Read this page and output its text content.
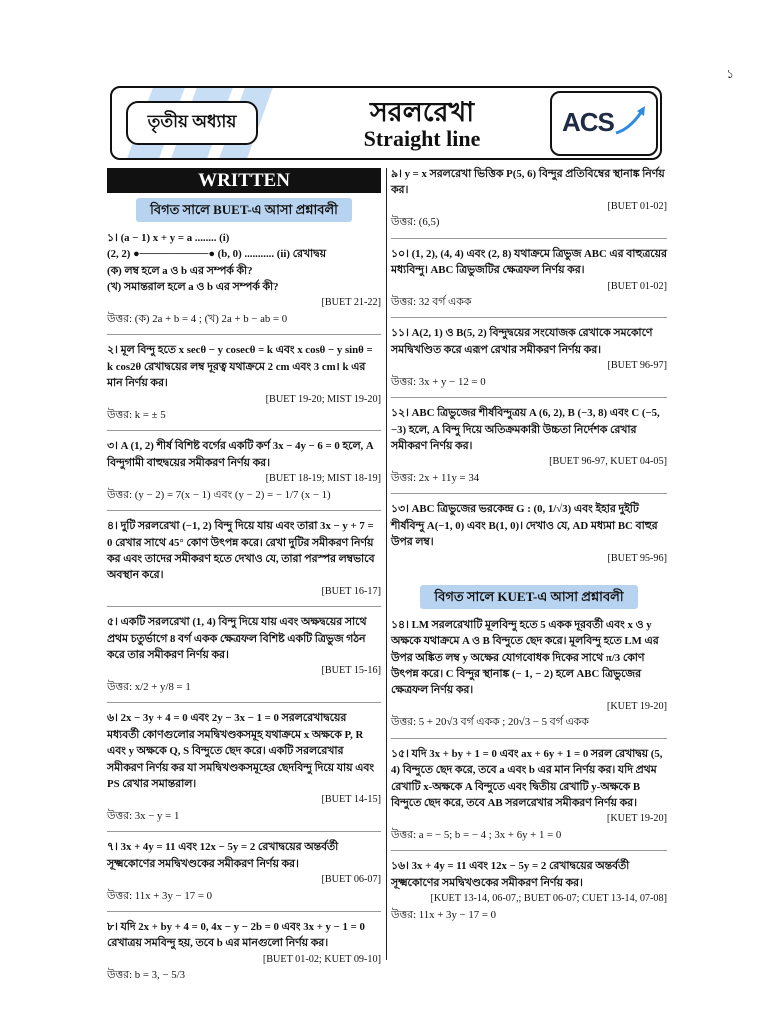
১
তৃতীয় অধ্যায়	সরলরেখা
Straight line
ACS
WRITTEN
বিগত সালে BUET-এ আসা প্রশ্নাবলী
১। (a − 1) x + y = a ........ (i)
(2, 2) ●─────────● (b, 0) ........... (ii) রেখাদ্বয়
(ক) লম্ব হলে a ও b এর সম্পর্ক কী?
(খ) সমান্তরাল হলে a ও b এর সম্পর্ক কী?
[BUET 21-22]
উত্তর: (ক) 2a + b = 4 ; (খ) 2a + b − ab = 0
২। মূল বিন্দু হতে x secθ − y cosecθ = k এবং x cosθ − y sinθ = k cos2θ রেখাদ্বয়ের লম্ব দূরত্ব যথাক্রমে 2 cm এবং 3 cm। k এর মান নির্ণয় কর।
[BUET 19-20; MIST 19-20]
উত্তর: k = ± 5
৩। A (1, 2) শীর্ষ বিশিষ্ট বর্গের একটি কর্ণ 3x − 4y − 6 = 0 হলে, A বিন্দুগামী বাহুদ্বয়ের সমীকরণ নির্ণয় কর।
[BUET 18-19; MIST 18-19]
উত্তর: (y − 2) = 7(x − 1) এবং (y − 2) = − 1/7 (x − 1)
৪। দুটি সরলরেখা (−1, 2) বিন্দু দিয়ে যায় এবং তারা 3x − y + 7 = 0 রেখার সাথে 45° কোণ উৎপন্ন করে। রেখা দুটির সমীকরণ নির্ণয় কর এবং তাদের সমীকরণ হতে দেখাও যে, তারা পরস্পর লম্বভাবে অবস্থান করে।
[BUET 16-17]
৫। একটি সরলরেখা (1, 4) বিন্দু দিয়ে যায় এবং অক্ষদ্বয়ের সাথে প্রথম চতুর্ভাগে 8 বর্গ একক ক্ষেত্রফল বিশিষ্ট একটি ত্রিভুজ গঠন করে তার সমীকরণ নির্ণয় কর।
[BUET 15-16]
উত্তর: x/2 + y/8 = 1
৬। 2x − 3y + 4 = 0 এবং 2y − 3x − 1 = 0 সরলরেখাদ্বয়ের মধ্যবর্তী কোণগুলোর সমদ্বিখণ্ডকসমূহ যথাক্রমে x অক্ষকে P, R এবং y অক্ষকে Q, S বিন্দুতে ছেদ করে। একটি সরলরেখার সমীকরণ নির্ণয় কর যা সমদ্বিখণ্ডকসমূহের ছেদবিন্দু দিয়ে যায় এবং PS রেখার সমান্তরাল।
[BUET 14-15]
উত্তর: 3x − y = 1
৭। 3x + 4y = 11 এবং 12x − 5y = 2 রেখাদ্বয়ের অন্তর্বর্তী সূক্ষ্মকোণের সমদ্বিখণ্ডকের সমীকরণ নির্ণয় কর।
[BUET 06-07]
উত্তর: 11x + 3y − 17 = 0
৮। যদি 2x + by + 4 = 0, 4x − y − 2b = 0 এবং 3x + y − 1 = 0 রেখাত্রয় সমবিন্দু হয়, তবে b এর মানগুলো নির্ণয় কর।
[BUET 01-02; KUET 09-10]
উত্তর: b = 3, − 5/3
৯। y = x সরলরেখা ভিত্তিক P(5, 6) বিন্দুর প্রতিবিম্বের স্থানাঙ্ক নির্ণয় কর।
[BUET 01-02]
উত্তর: (6,5)
১০। (1, 2), (4, 4) এবং (2, 8) যথাক্রমে ত্রিভুজ ABC এর বাহুত্রয়ের মধ্যবিন্দু। ABC ত্রিভুজটির ক্ষেত্রফল নির্ণয় কর।
[BUET 01-02]
উত্তর: 32 বর্গ একক
১১। A(2, 1) ও B(5, 2) বিন্দুদ্বয়ের সংযোজক রেখাকে সমকোণে সমদ্বিখণ্ডিত করে এরূপ রেখার সমীকরণ নির্ণয় কর।
[BUET 96-97]
উত্তর: 3x + y − 12 = 0
১২। ABC ত্রিভুজের শীর্ষবিন্দুত্রয় A (6, 2), B (−3, 8) এবং C (−5, −3) হলে, A বিন্দু দিয়ে অতিক্রমকারী উচ্চতা নির্দেশক রেখার সমীকরণ নির্ণয় কর।
[BUET 96-97, KUET 04-05]
উত্তর: 2x + 11y = 34
১৩। ABC ত্রিভুজের ভরকেন্দ্র G : (0, 1/√3) এবং ইহার দুইটি শীর্ষবিন্দু A(−1, 0) এবং B(1, 0)। দেখাও যে, AD মধ্যমা BC বাহুর উপর লম্ব।
[BUET 95-96]
বিগত সালে KUET-এ আসা প্রশ্নাবলী
১৪। LM সরলরেখাটি মূলবিন্দু হতে 5 একক দূরবর্তী এবং x ও y অক্ষকে যথাক্রমে A ও B বিন্দুতে ছেদ করে। মূলবিন্দু হতে LM এর উপর অঙ্কিত লম্ব y অক্ষের যোগবোধক দিকের সাথে π/3 কোণ উৎপন্ন করে। C বিন্দুর স্থানাঙ্ক (− 1, − 2) হলে ABC ত্রিভুজের ক্ষেত্রফল নির্ণয় কর।
[KUET 19-20]
উত্তর: 5 + 20√3 বর্গ একক ; 20√3 − 5 বর্গ একক
১৫। যদি 3x + by + 1 = 0 এবং ax + 6y + 1 = 0 সরল রেখাদ্বয় (5, 4) বিন্দুতে ছেদ করে, তবে a এবং b এর মান নির্ণয় কর। যদি প্রথম রেখাটি x-অক্ষকে A বিন্দুতে এবং দ্বিতীয় রেখাটি y-অক্ষকে B বিন্দুতে ছেদ করে, তবে AB সরলরেখার সমীকরণ নির্ণয় কর।
[KUET 19-20]
উত্তর: a = − 5; b = − 4 ; 3x + 6y + 1 = 0
১৬। 3x + 4y = 11 এবং 12x − 5y = 2 রেখাদ্বয়ের অন্তর্বর্তী সূক্ষ্মকোণের সমদ্বিখণ্ডকের সমীকরণ নির্ণয় কর।
[KUET 13-14, 06-07,; BUET 06-07; CUET 13-14, 07-08]
উত্তর: 11x + 3y − 17 = 0
